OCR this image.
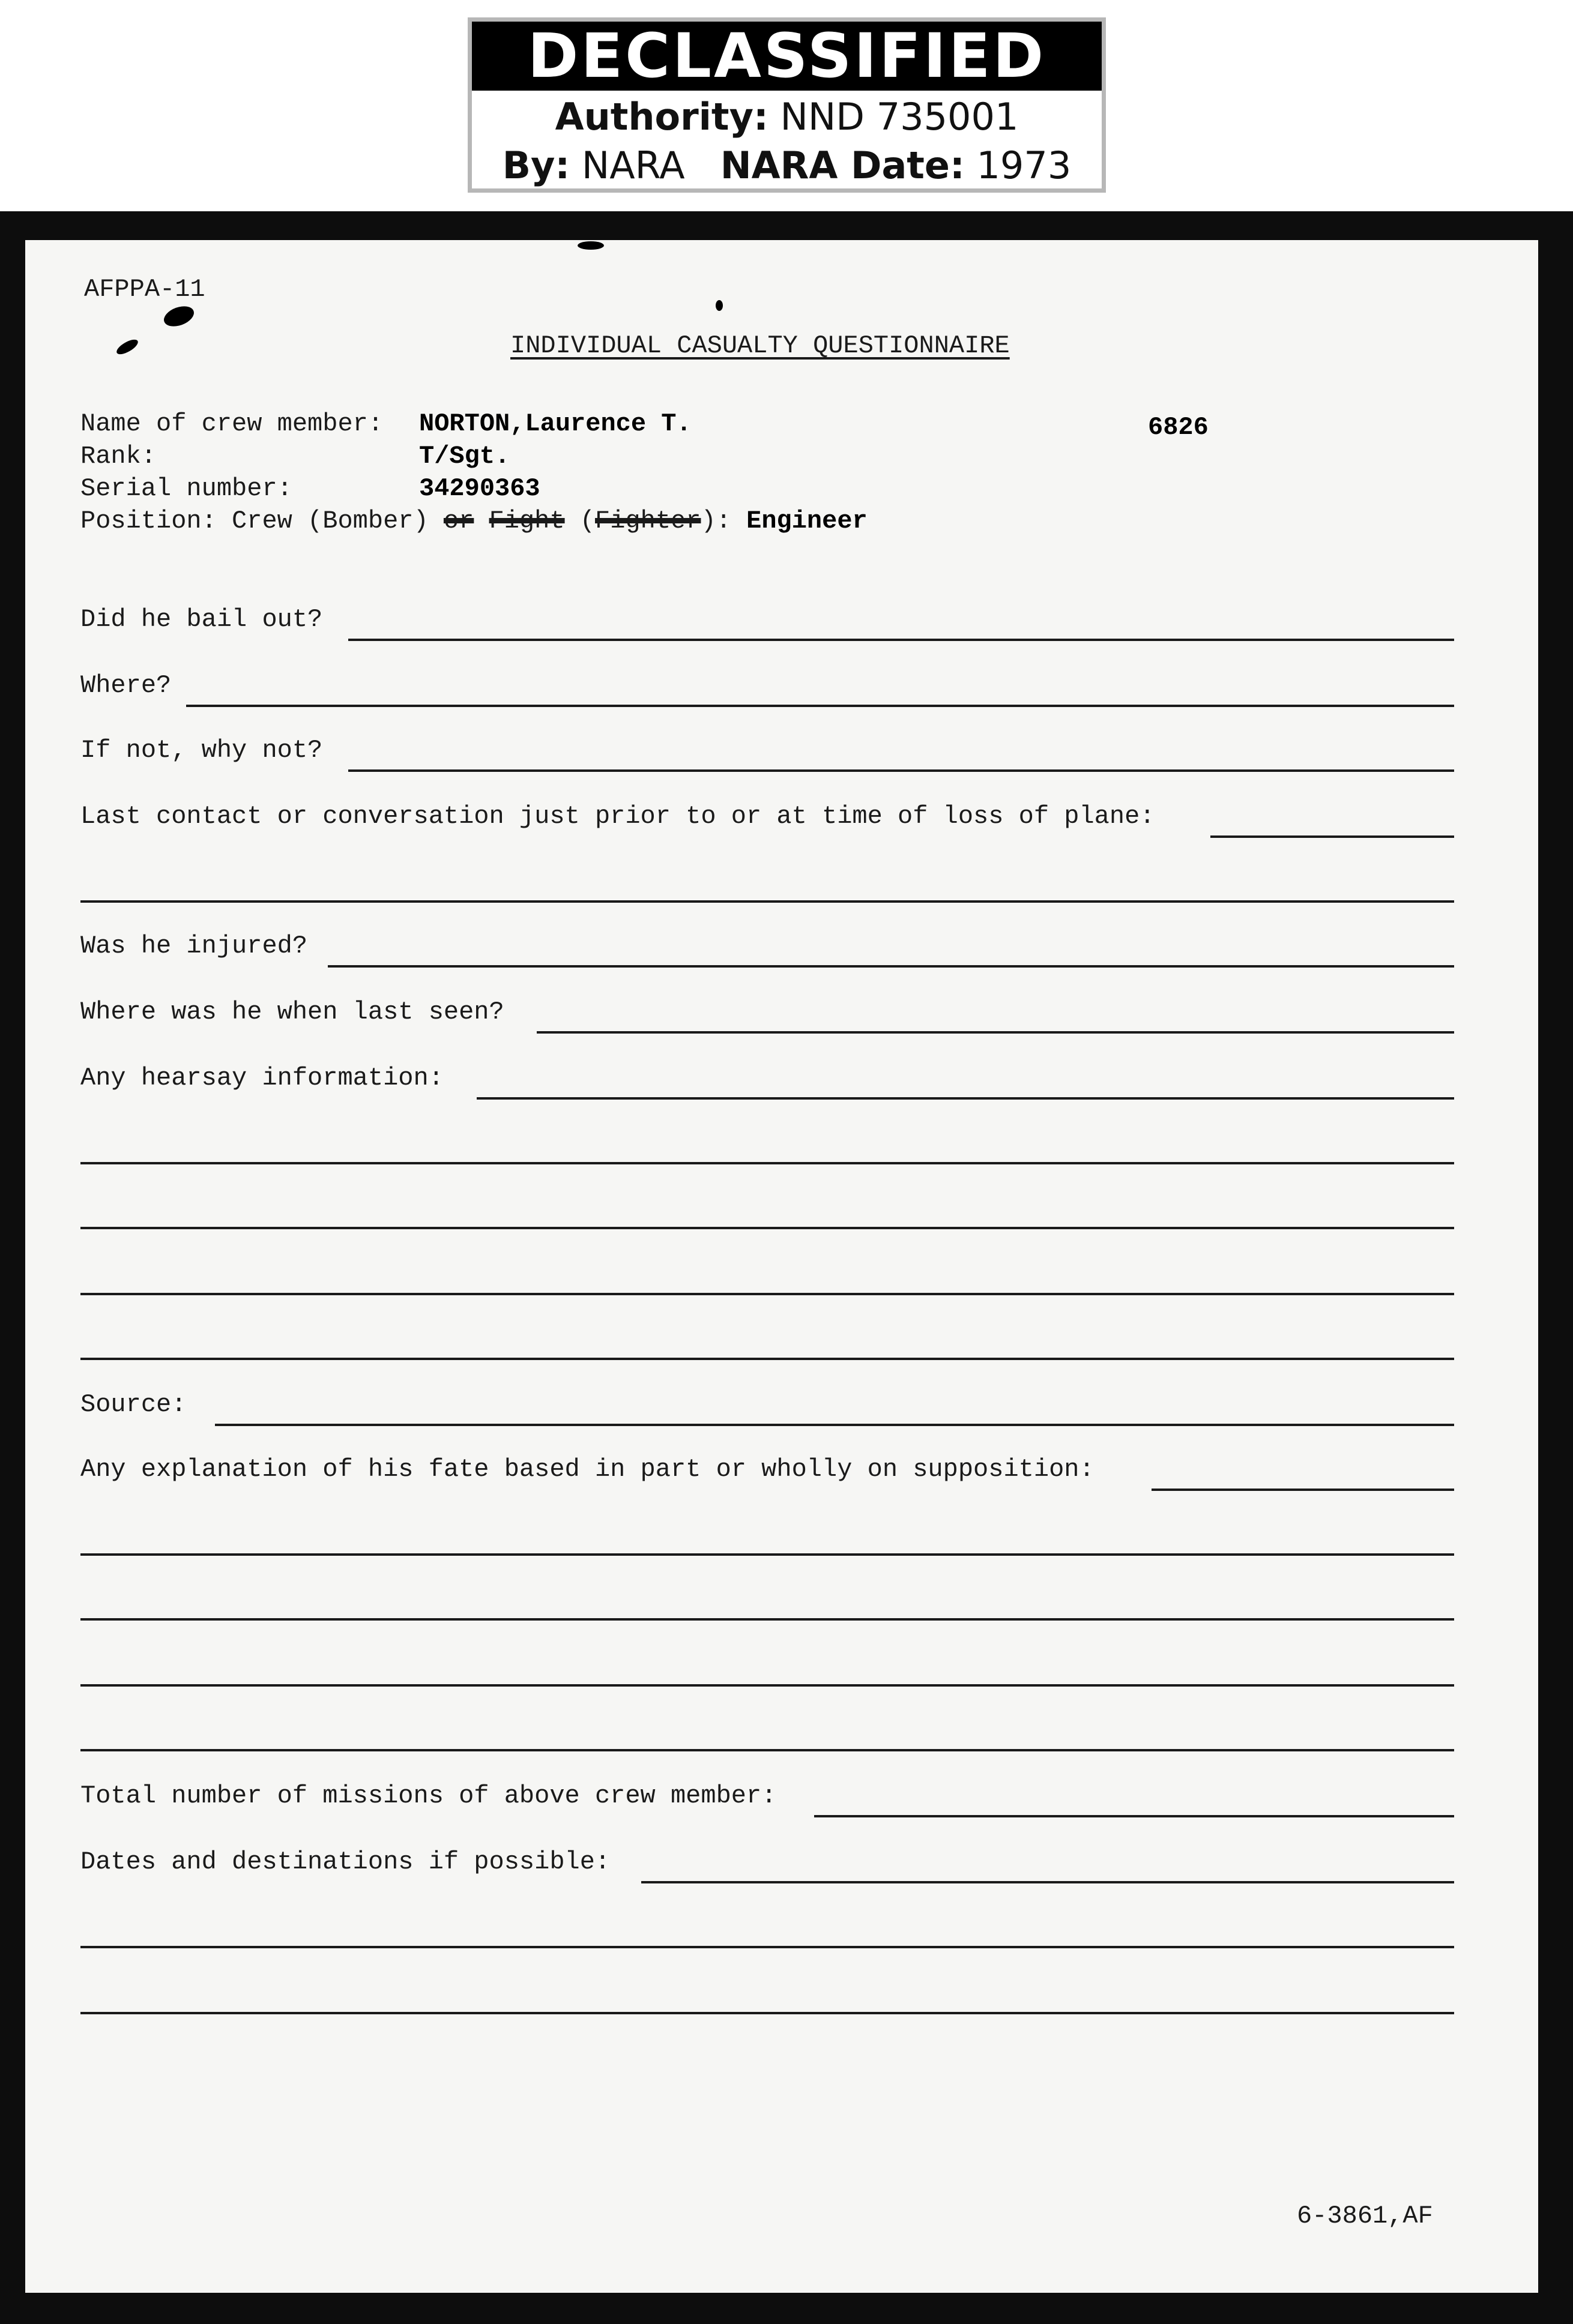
DECLASSIFIED
Authority: NND 735001
By: NARA NARA Date: 1973
AFPPA-11
INDIVIDUAL CASUALTY QUESTIONNAIRE
Name of crew member: NORTON,Laurence T.	6826
Rank:	T/Sgt.
Serial number:	34290363
Position: Crew (Bomber) or Fight (Fighter): Engineer
Did he bail out?
Where?
If not, why not?
Last contact or conversation just prior to or at time of loss of plane:
Was he injured?
Where was he when last seen?
Any hearsay information:
Source:
Any explanation of his fate based in part or wholly on supposition:
Total number of missions of above crew member:
Dates and destinations if possible:
6-3861,AF
